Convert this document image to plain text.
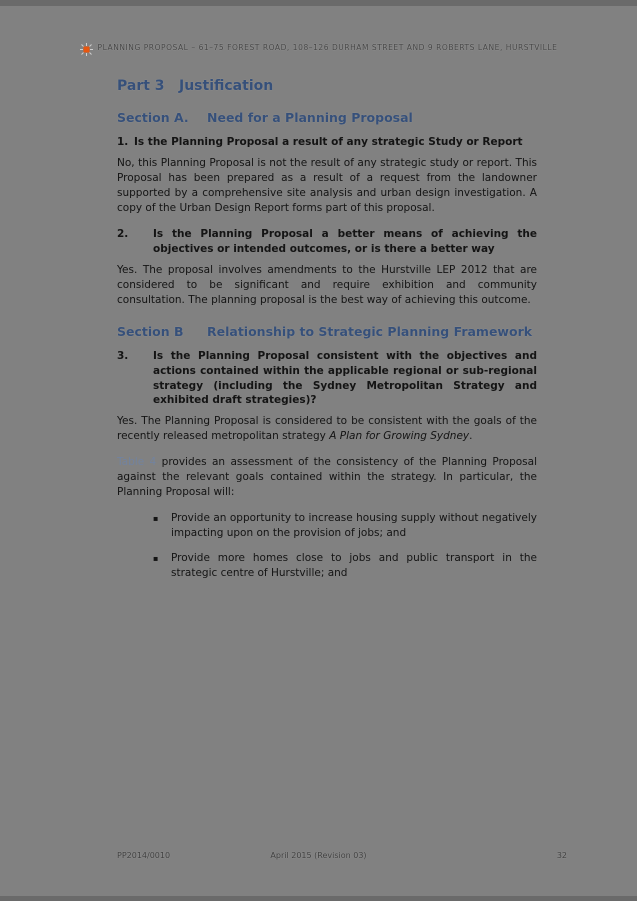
PLANNING PROPOSAL – 61–75 FOREST ROAD, 108–126 DURHAM STREET AND 9 ROBERTS LANE, HURSTVILLE
Part 3	Justification
Section A.	Need for a Planning Proposal
1. Is the Planning Proposal a result of any strategic Study or Report

No, this Planning Proposal is not the result of any strategic study or report. This Proposal has been prepared as a result of a request from the landowner supported by a comprehensive site analysis and urban design investigation. A copy of the Urban Design Report forms part of this proposal.

2.	Is the Planning Proposal a better means of achieving the objectives or intended outcomes, or is there a better way

Yes. The proposal involves amendments to the Hurstville LEP 2012 that are considered to be significant and require exhibition and community consultation. The planning proposal is the best way of achieving this outcome.

Section B	Relationship to Strategic Planning Framework
3.	Is the Planning Proposal consistent with the objectives and actions contained within the applicable regional or sub-regional strategy (including the Sydney Metropolitan Strategy and exhibited draft strategies)?

Yes. The Planning Proposal is considered to be consistent with the goals of the recently released metropolitan strategy A Plan for Growing Sydney.

Table 4 provides an assessment of the consistency of the Planning Proposal against the relevant goals contained within the strategy. In particular, the Planning Proposal will:

▪	Provide an opportunity to increase housing supply without negatively impacting upon on the provision of jobs; and
▪	Provide more homes close to jobs and public transport in the strategic centre of Hurstville; and
April 2015 (Revision 03)
PP2014/0010	32
